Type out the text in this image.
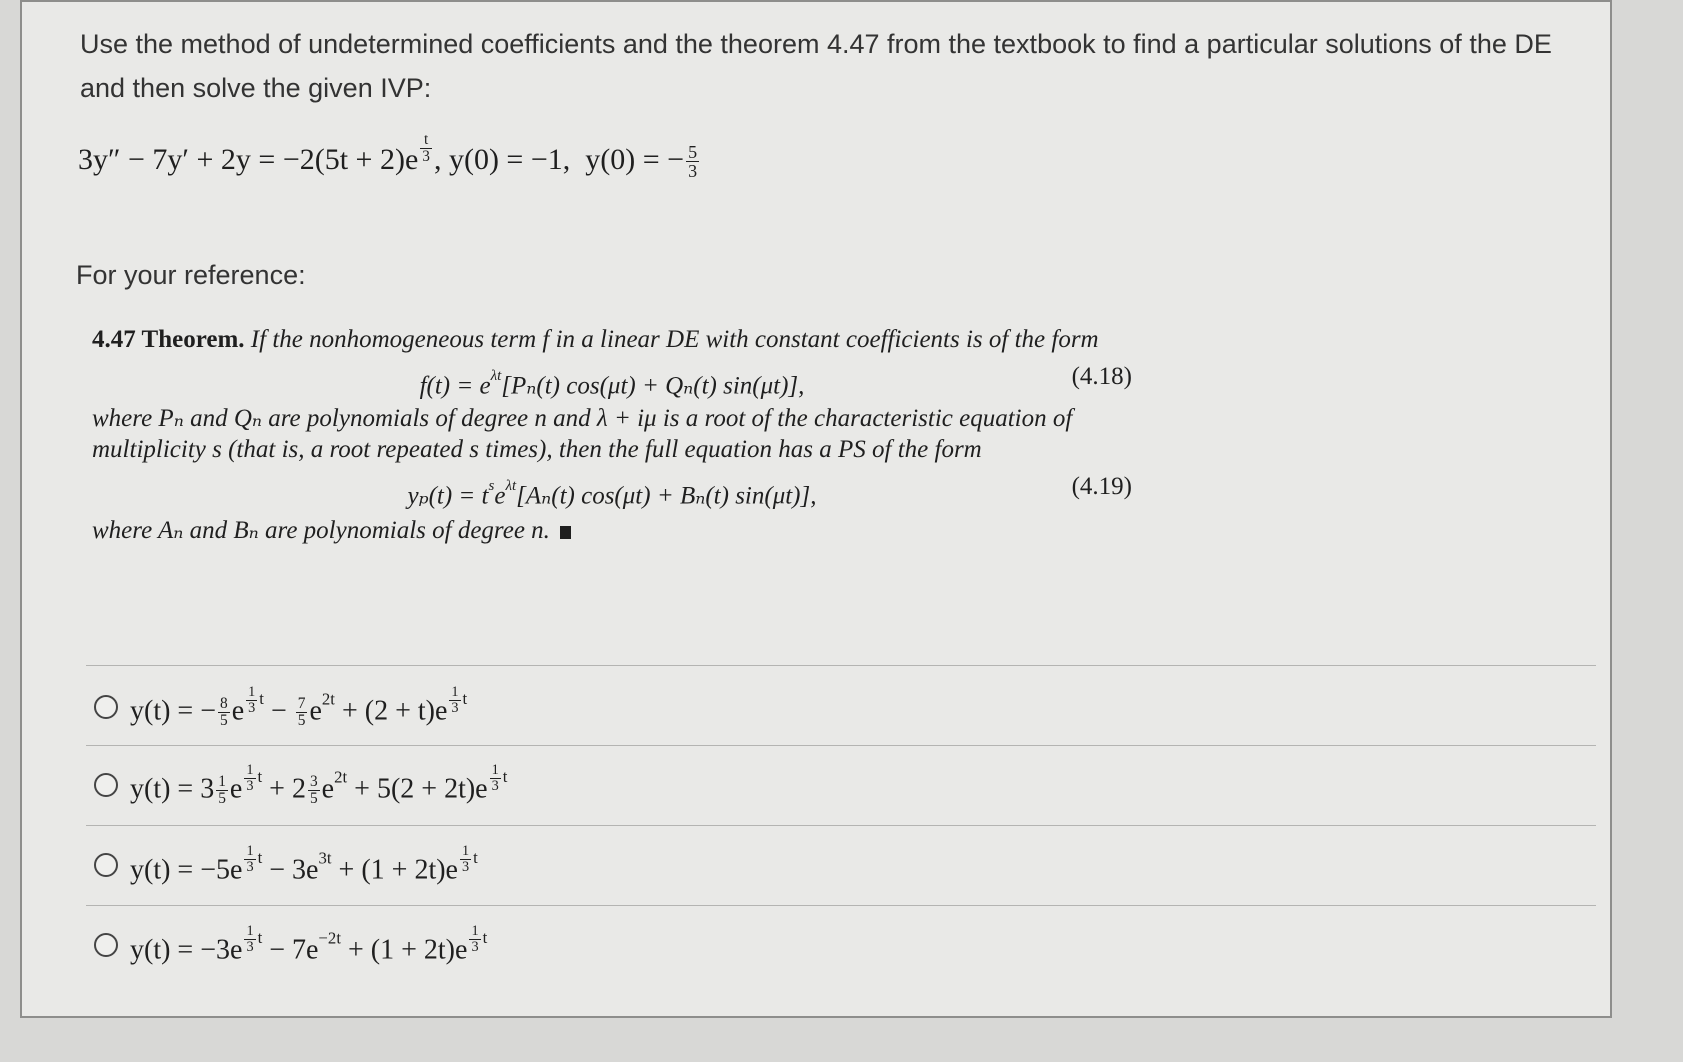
Use the method of undetermined coefficients and the theorem 4.47 from the textbook to find a particular solutions of the DE and then solve the given IVP:
3y″ − 7y′ + 2y = −2(5t + 2)e $^{\frac{t}{3}}$ , y(0) = −1, y(0) = − $\frac{5}{3}$
For your reference:
4.47 Theorem. If the nonhomogeneous term f in a linear DE with constant coefficients is of the form
$f(t) = e^{\lambda t}[P_n(t) \cos(\mu t) + Q_n(t)$ sin(μt)],	(4.18)
where Pₙ and Qₙ are polynomials of degree n and λ + iμ is a root of the characteristic equation of multiplicity s (that is, a root repeated s times), then the full equation has a PS of the form
$y_p(t) = t^se^{\lambda t}[A_n(t) \cos(\mu t) + B_n(t)$ sin(μt)],	(4.19)
where Aₙ and Bₙ are polynomials of degree n.
y(t) = − $\frac{8}{5}$ e $^{\frac{1}{3} t} - \frac{7}{5} e^{2t} + (2 + t)e$ $^{\frac{1}{3} t}$
$y(t) = 3 \frac{1}{5}$ e $^{\frac{1}{3} t} + 2 \frac{3}{5} e^{2t} + 5(2 + 2t)e$ $^{\frac{1}{3} t}$
y(t) = −5e $^{\frac{1}{3} t} - 3e^{3t} + (1 + 2t)e$ $^{\frac{1}{3} t}$
y(t) = −3e $^{\frac{1}{3} t} - 7e^{-2t} + (1 + 2t)e$ $^{\frac{1}{3} t}$
